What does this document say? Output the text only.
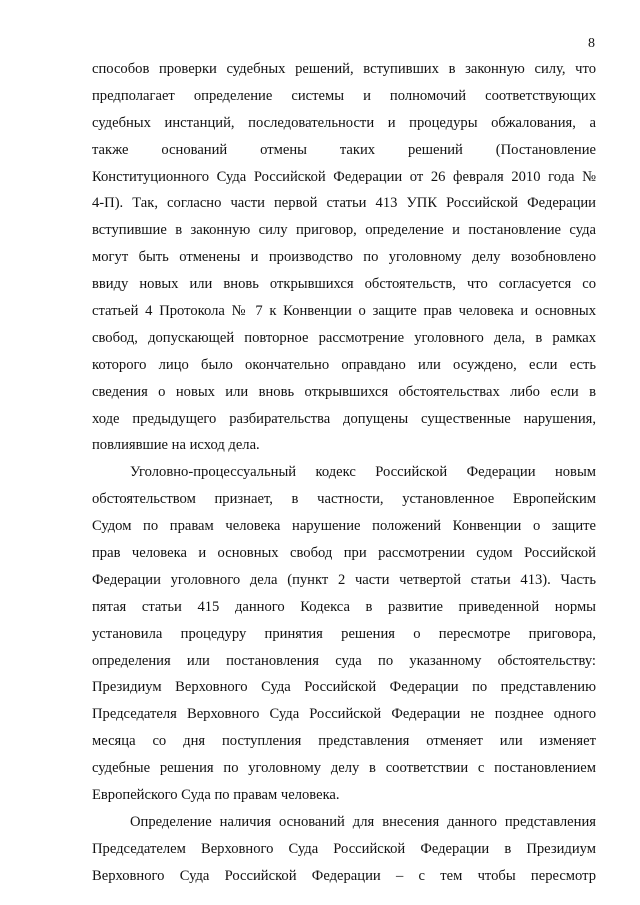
8
способов проверки судебных решений, вступивших в законную силу, что
предполагает определение системы и полномочий соответствующих
судебных инстанций, последовательности и процедуры обжалования, а
также оснований отмены таких решений (Постановление
Конституционного Суда Российской Федерации от 26 февраля 2010 года №
4-П). Так, согласно части первой статьи 413 УПК Российской Федерации
вступившие в законную силу приговор, определение и постановление суда
могут быть отменены и производство по уголовному делу возобновлено
ввиду новых или вновь открывшихся обстоятельств, что согласуется со
статьей 4 Протокола № 7 к Конвенции о защите прав человека и основных
свобод, допускающей повторное рассмотрение уголовного дела, в рамках
которого лицо было окончательно оправдано или осуждено, если есть
сведения о новых или вновь открывшихся обстоятельствах либо если в
ходе предыдущего разбирательства допущены существенные нарушения,
повлиявшие на исход дела.
Уголовно-процессуальный кодекс Российской Федерации новым
обстоятельством признает, в частности, установленное Европейским
Судом по правам человека нарушение положений Конвенции о защите
прав человека и основных свобод при рассмотрении судом Российской
Федерации уголовного дела (пункт 2 части четвертой статьи 413). Часть
пятая статьи 415 данного Кодекса в развитие приведенной нормы
установила процедуру принятия решения о пересмотре приговора,
определения или постановления суда по указанному обстоятельству:
Президиум Верховного Суда Российской Федерации по представлению
Председателя Верховного Суда Российской Федерации не позднее одного
месяца со дня поступления представления отменяет или изменяет
судебные решения по уголовному делу в соответствии с постановлением
Европейского Суда по правам человека.
Определение наличия оснований для внесения данного представления
Председателем Верховного Суда Российской Федерации в Президиум
Верховного Суда Российской Федерации – с тем чтобы пересмотр
